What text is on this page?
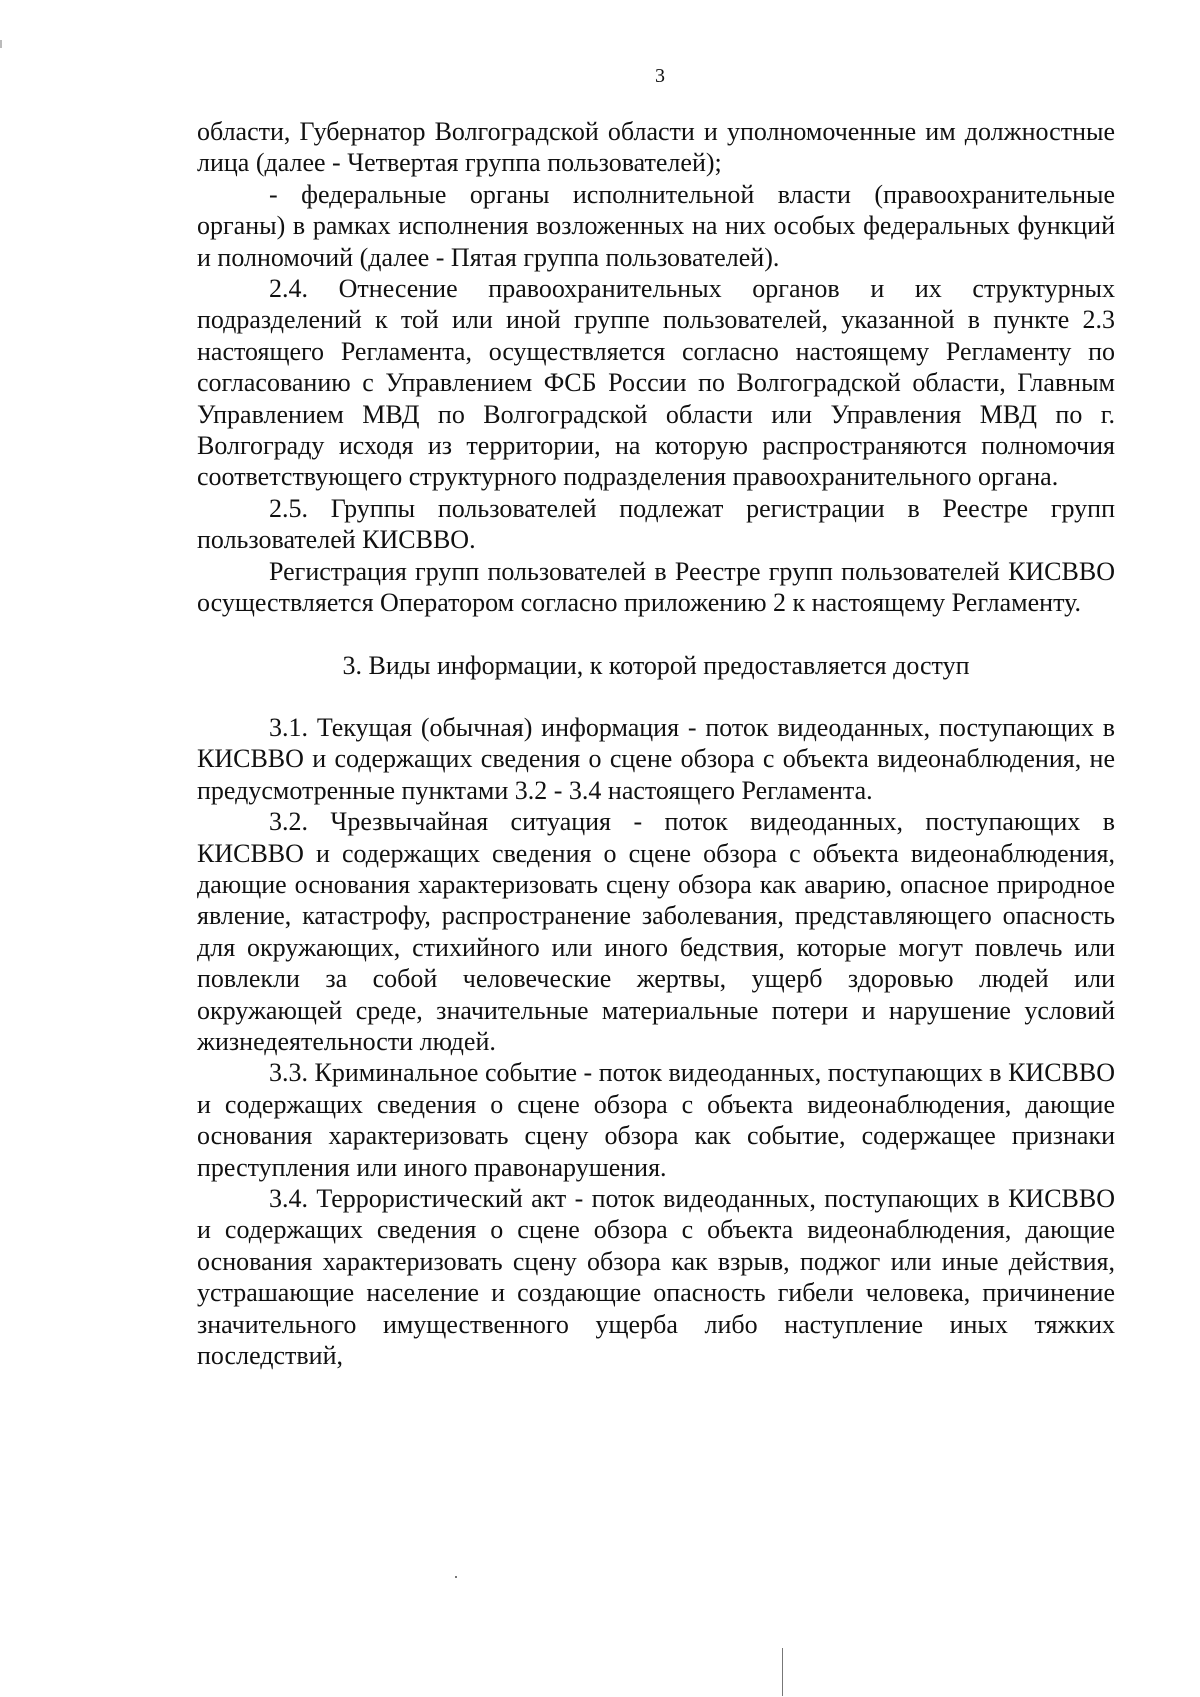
3

области, Губернатор Волгоградской области и уполномоченные им должностные лица (далее - Четвертая группа пользователей);

- федеральные органы исполнительной власти (правоохранительные органы) в рамках исполнения возложенных на них особых федеральных функций и полномочий (далее - Пятая группа пользователей).

2.4. Отнесение правоохранительных органов и их структурных подразделений к той или иной группе пользователей, указанной в пункте 2.3 настоящего Регламента, осуществляется согласно настоящему Регламенту по согласованию с Управлением ФСБ России по Волгоградской области, Главным Управлением МВД по Волгоградской области или Управления МВД по г. Волгограду исходя из территории, на которую распространяются полномочия соответствующего структурного подразделения правоохранительного органа.

2.5. Группы пользователей подлежат регистрации в Реестре групп пользователей КИСВВО.

Регистрация групп пользователей в Реестре групп пользователей КИСВВО осуществляется Оператором согласно приложению 2 к настоящему Регламенту.

3. Виды информации, к которой предоставляется доступ

3.1. Текущая (обычная) информация - поток видеоданных, поступающих в КИСВВО и содержащих сведения о сцене обзора с объекта видеонаблюдения, не предусмотренные пунктами 3.2 - 3.4 настоящего Регламента.

3.2. Чрезвычайная ситуация - поток видеоданных, поступающих в КИСВВО и содержащих сведения о сцене обзора с объекта видеонаблюдения, дающие основания характеризовать сцену обзора как аварию, опасное природное явление, катастрофу, распространение заболевания, представляющего опасность для окружающих, стихийного или иного бедствия, которые могут повлечь или повлекли за собой человеческие жертвы, ущерб здоровью людей или окружающей среде, значительные материальные потери и нарушение условий жизнедеятельности людей.

3.3. Криминальное событие - поток видеоданных, поступающих в КИСВВО и содержащих сведения о сцене обзора с объекта видеонаблюдения, дающие основания характеризовать сцену обзора как событие, содержащее признаки преступления или иного правонарушения.

3.4. Террористический акт - поток видеоданных, поступающих в КИСВВО и содержащих сведения о сцене обзора с объекта видеонаблюдения, дающие основания характеризовать сцену обзора как взрыв, поджог или иные действия, устрашающие население и создающие опасность гибели человека, причинение значительного имущественного ущерба либо наступление иных тяжких последствий,
